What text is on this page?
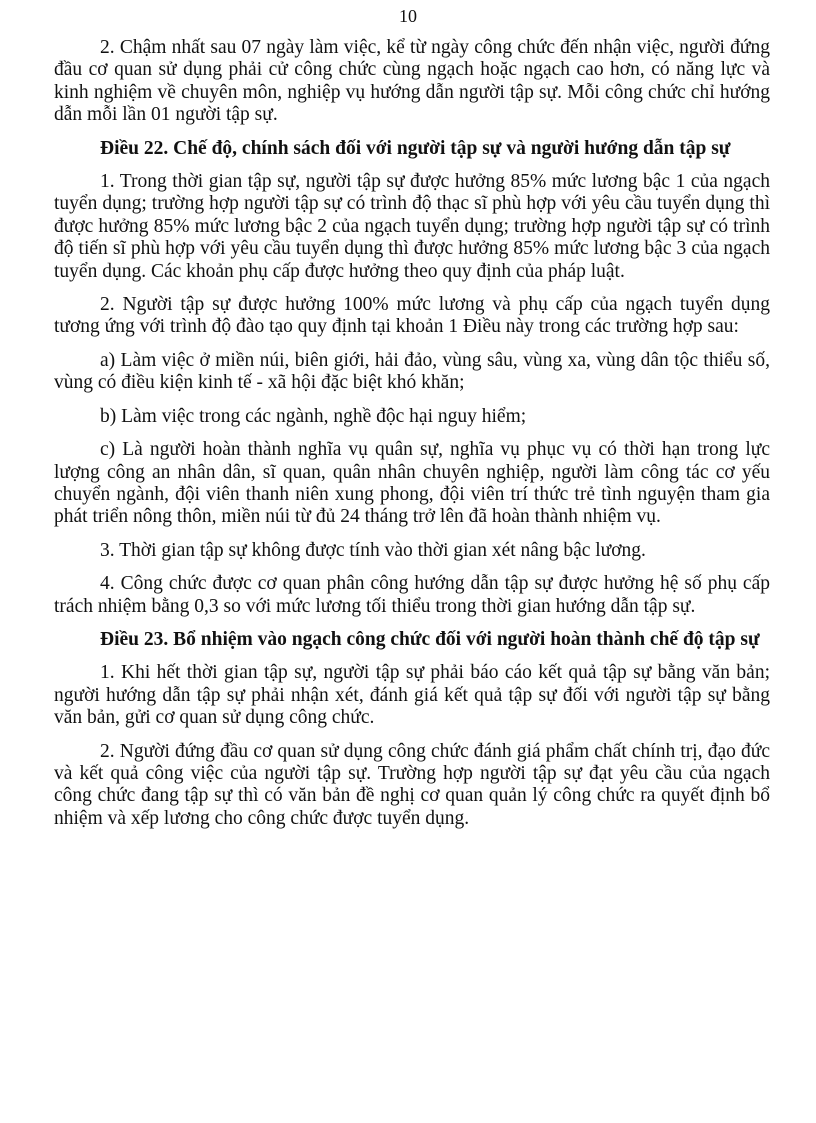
10

2. Chậm nhất sau 07 ngày làm việc, kể từ ngày công chức đến nhận việc, người đứng đầu cơ quan sử dụng phải cử công chức cùng ngạch hoặc ngạch cao hơn, có năng lực và kinh nghiệm về chuyên môn, nghiệp vụ hướng dẫn người tập sự. Mỗi công chức chỉ hướng dẫn mỗi lần 01 người tập sự.

Điều 22. Chế độ, chính sách đối với người tập sự và người hướng dẫn tập sự

1. Trong thời gian tập sự, người tập sự được hưởng 85% mức lương bậc 1 của ngạch tuyển dụng; trường hợp người tập sự có trình độ thạc sĩ phù hợp với yêu cầu tuyển dụng thì được hưởng 85% mức lương bậc 2 của ngạch tuyển dụng; trường hợp người tập sự có trình độ tiến sĩ phù hợp với yêu cầu tuyển dụng thì được hưởng 85% mức lương bậc 3 của ngạch tuyển dụng. Các khoản phụ cấp được hưởng theo quy định của pháp luật.

2. Người tập sự được hưởng 100% mức lương và phụ cấp của ngạch tuyển dụng tương ứng với trình độ đào tạo quy định tại khoản 1 Điều này trong các trường hợp sau:

a) Làm việc ở miền núi, biên giới, hải đảo, vùng sâu, vùng xa, vùng dân tộc thiểu số, vùng có điều kiện kinh tế - xã hội đặc biệt khó khăn;

b) Làm việc trong các ngành, nghề độc hại nguy hiểm;

c) Là người hoàn thành nghĩa vụ quân sự, nghĩa vụ phục vụ có thời hạn trong lực lượng công an nhân dân, sĩ quan, quân nhân chuyên nghiệp, người làm công tác cơ yếu chuyển ngành, đội viên thanh niên xung phong, đội viên trí thức trẻ tình nguyện tham gia phát triển nông thôn, miền núi từ đủ 24 tháng trở lên đã hoàn thành nhiệm vụ.

3. Thời gian tập sự không được tính vào thời gian xét nâng bậc lương.

4. Công chức được cơ quan phân công hướng dẫn tập sự được hưởng hệ số phụ cấp trách nhiệm bằng 0,3 so với mức lương tối thiểu trong thời gian hướng dẫn tập sự.

Điều 23. Bổ nhiệm vào ngạch công chức đối với người hoàn thành chế độ tập sự

1. Khi hết thời gian tập sự, người tập sự phải báo cáo kết quả tập sự bằng văn bản; người hướng dẫn tập sự phải nhận xét, đánh giá kết quả tập sự đối với người tập sự bằng văn bản, gửi cơ quan sử dụng công chức.

2. Người đứng đầu cơ quan sử dụng công chức đánh giá phẩm chất chính trị, đạo đức và kết quả công việc của người tập sự. Trường hợp người tập sự đạt yêu cầu của ngạch công chức đang tập sự thì có văn bản đề nghị cơ quan quản lý công chức ra quyết định bổ nhiệm và xếp lương cho công chức được tuyển dụng.
